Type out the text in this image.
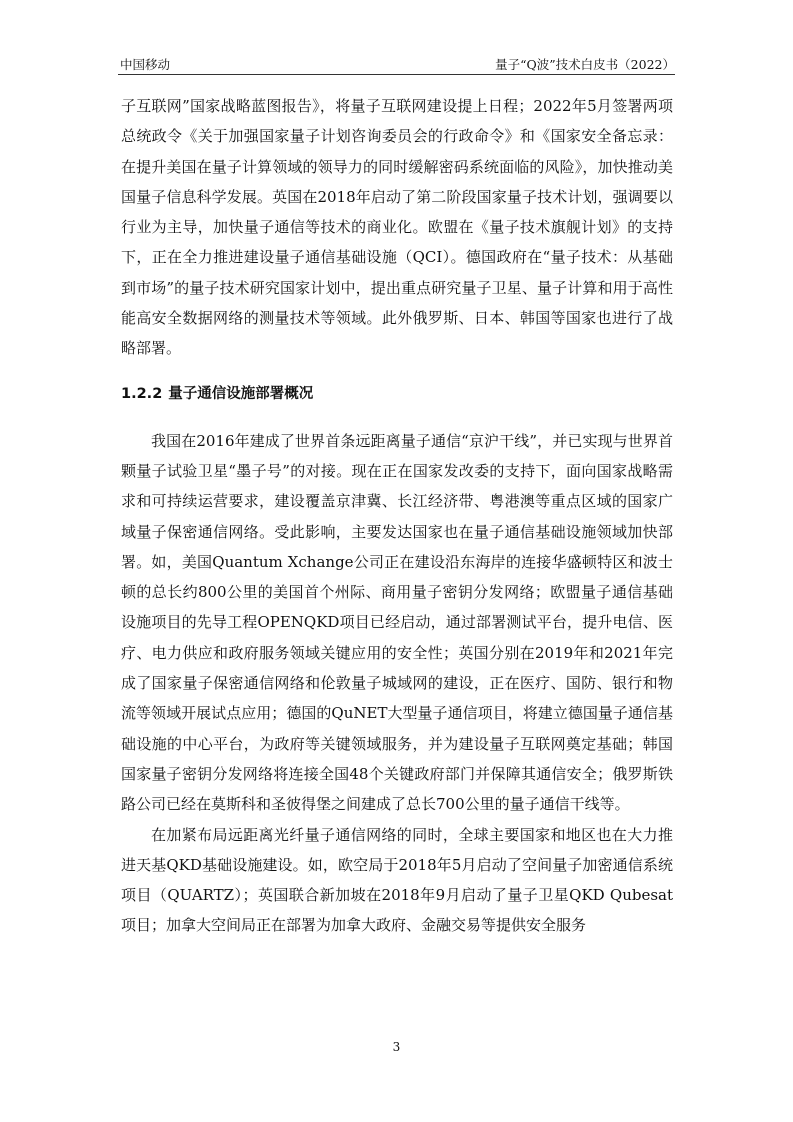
中国移动	量子“Q波”技术白皮书（2022）

子互联网”国家战略蓝图报告》，将量子互联网建设提上日程；2022年5月签署两项总统政令《关于加强国家量子计划咨询委员会的行政命令》和《国家安全备忘录：在提升美国在量子计算领域的领导力的同时缓解密码系统面临的风险》，加快推动美国量子信息科学发展。英国在2018年启动了第二阶段国家量子技术计划，强调要以行业为主导，加快量子通信等技术的商业化。欧盟在《量子技术旗舰计划》的支持下，正在全力推进建设量子通信基础设施（QCI）。德国政府在“量子技术：从基础到市场”的量子技术研究国家计划中，提出重点研究量子卫星、量子计算和用于高性能高安全数据网络的测量技术等领域。此外俄罗斯、日本、韩国等国家也进行了战略部署。

1.2.2 量子通信设施部署概况

我国在2016年建成了世界首条远距离量子通信“京沪干线”，并已实现与世界首颗量子试验卫星“墨子号”的对接。现在正在国家发改委的支持下，面向国家战略需求和可持续运营要求，建设覆盖京津冀、长江经济带、粤港澳等重点区域的国家广域量子保密通信网络。受此影响，主要发达国家也在量子通信基础设施领域加快部署。如，美国Quantum Xchange公司正在建设沿东海岸的连接华盛顿特区和波士顿的总长约800公里的美国首个州际、商用量子密钥分发网络；欧盟量子通信基础设施项目的先导工程OPENQKD项目已经启动，通过部署测试平台，提升电信、医疗、电力供应和政府服务领域关键应用的安全性；英国分别在2019年和2021年完成了国家量子保密通信网络和伦敦量子城域网的建设，正在医疗、国防、银行和物流等领域开展试点应用；德国的QuNET大型量子通信项目，将建立德国量子通信基础设施的中心平台，为政府等关键领域服务，并为建设量子互联网奠定基础；韩国国家量子密钥分发网络将连接全国48个关键政府部门并保障其通信安全；俄罗斯铁路公司已经在莫斯科和圣彼得堡之间建成了总长700公里的量子通信干线等。

在加紧布局远距离光纤量子通信网络的同时，全球主要国家和地区也在大力推进天基QKD基础设施建设。如，欧空局于2018年5月启动了空间量子加密通信系统项目（QUARTZ）；英国联合新加坡在2018年9月启动了量子卫星QKD Qubesat项目；加拿大空间局正在部署为加拿大政府、金融交易等提供安全服务

3
